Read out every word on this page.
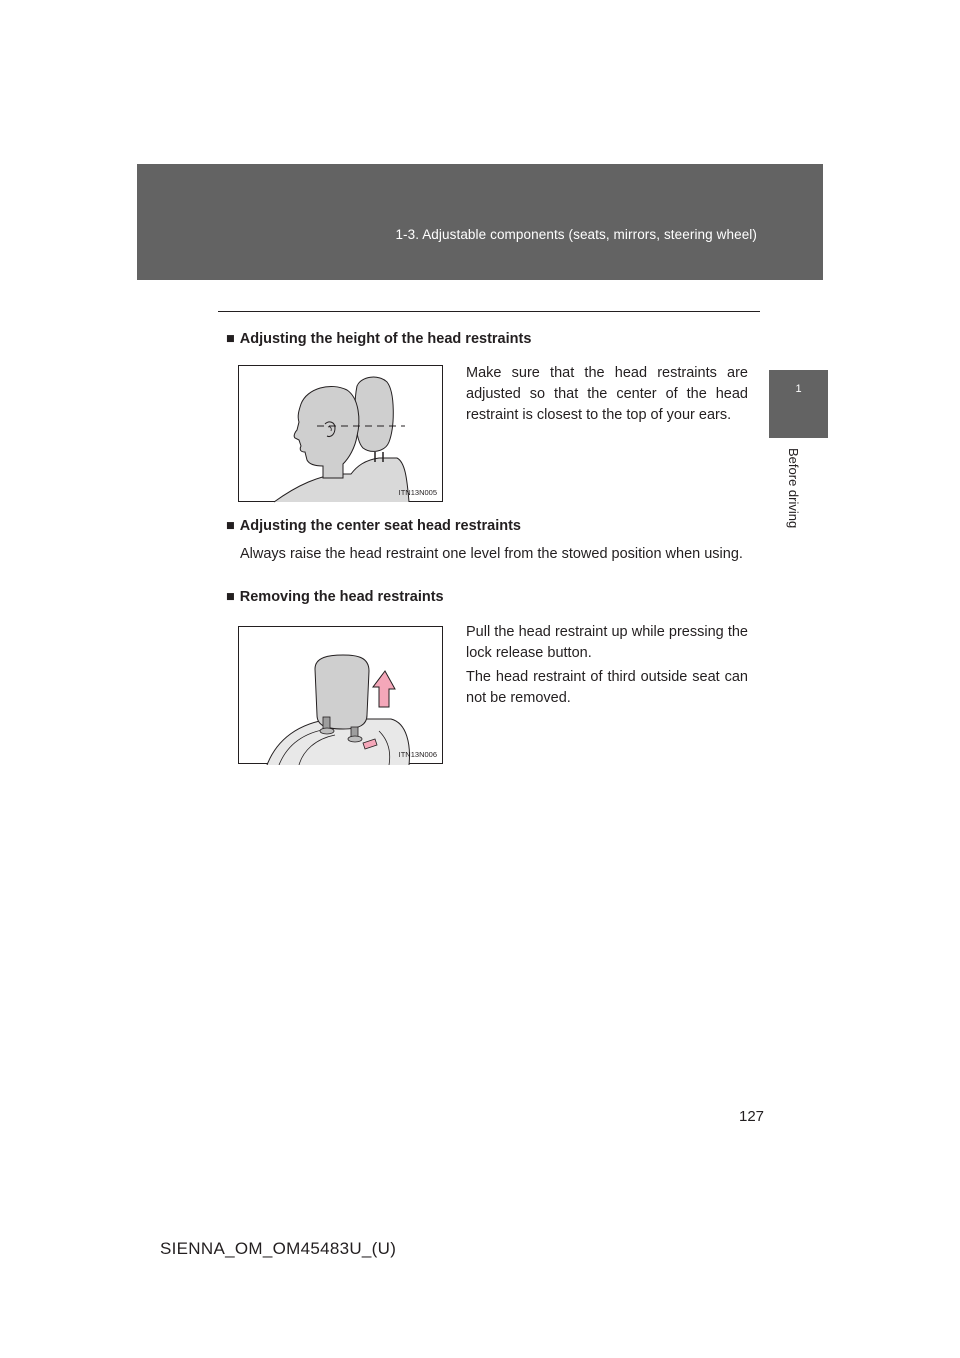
1-3. Adjustable components (seats, mirrors, steering wheel)
1
Before driving
■ Adjusting the height of the head restraints
ITN13N005
Make sure that the head restraints are adjusted so that the center of the head restraint is closest to the top of your ears.
■ Adjusting the center seat head restraints
Always raise the head restraint one level from the stowed position when using.
■ Removing the head restraints
ITN13N006
Pull the head restraint up while pressing the lock release button.
The head restraint of third outside seat can not be removed.
127
SIENNA_OM_OM45483U_(U)
